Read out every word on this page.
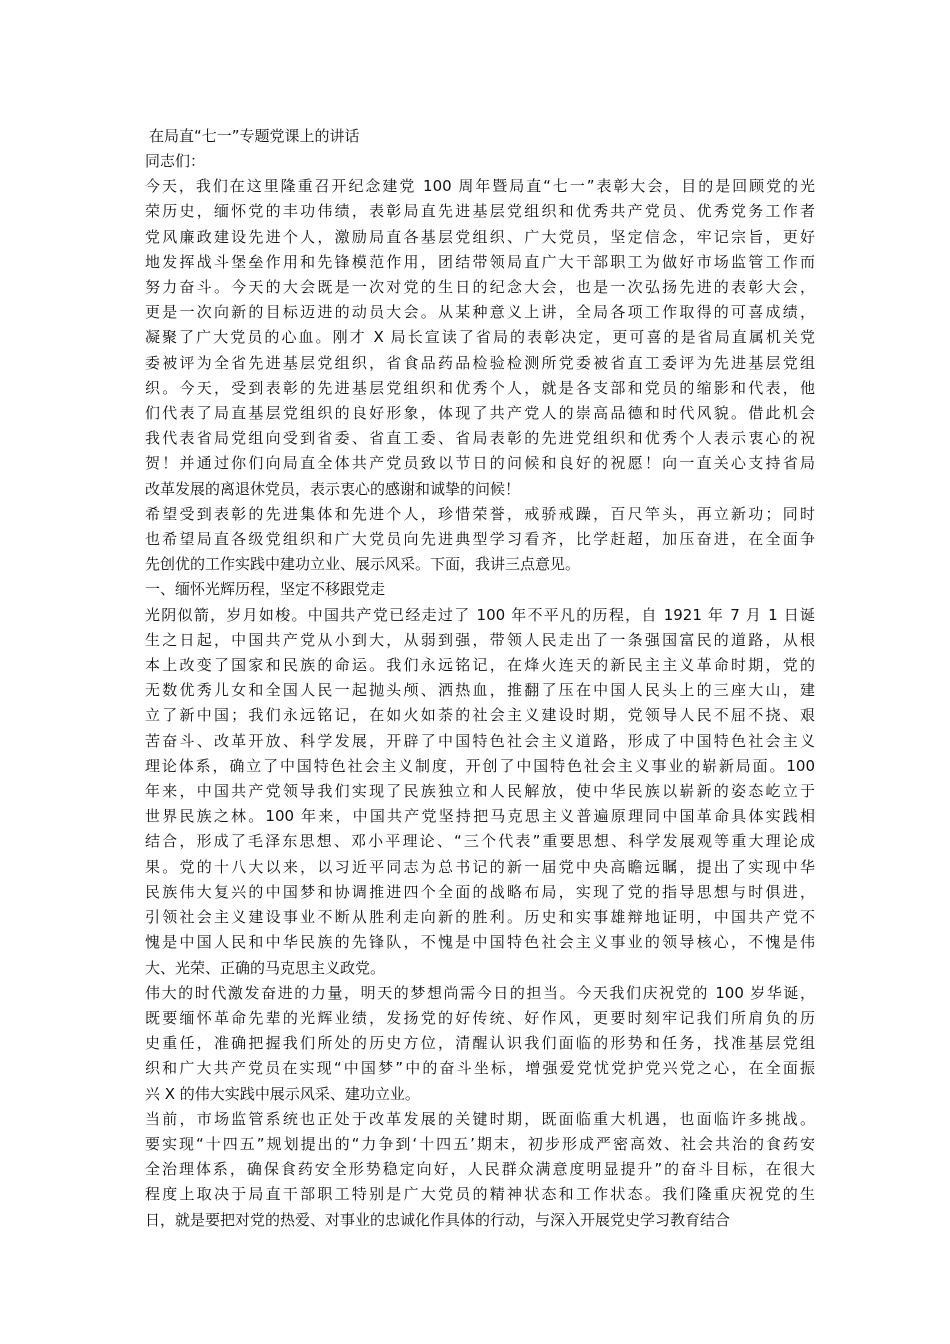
在局直“七一”专题党课上的讲话

同志们：

今天，我们在这里隆重召开纪念建党 100 周年暨局直“七一”表彰大会，目的是回顾党的光

荣历史，缅怀党的丰功伟绩，表彰局直先进基层党组织和优秀共产党员、优秀党务工作者

党风廉政建设先进个人，激励局直各基层党组织、广大党员，坚定信念，牢记宗旨，更好

地发挥战斗堡垒作用和先锋模范作用，团结带领局直广大干部职工为做好市场监管工作而

努力奋斗。今天的大会既是一次对党的生日的纪念大会，也是一次弘扬先进的表彰大会，

更是一次向新的目标迈进的动员大会。从某种意义上讲，全局各项工作取得的可喜成绩，

凝聚了广大党员的心血。刚才 X 局长宣读了省局的表彰决定，更可喜的是省局直属机关党

委被评为全省先进基层党组织，省食品药品检验检测所党委被省直工委评为先进基层党组

织。今天，受到表彰的先进基层党组织和优秀个人，就是各支部和党员的缩影和代表，他

们代表了局直基层党组织的良好形象，体现了共产党人的崇高品德和时代风貌。借此机会

我代表省局党组向受到省委、省直工委、省局表彰的先进党组织和优秀个人表示衷心的祝

贺！并通过你们向局直全体共产党员致以节日的问候和良好的祝愿！向一直关心支持省局

改革发展的离退休党员，表示衷心的感谢和诚挚的问候！

希望受到表彰的先进集体和先进个人，珍惜荣誉，戒骄戒躁，百尺竿头，再立新功；同时

也希望局直各级党组织和广大党员向先进典型学习看齐，比学赶超，加压奋进，在全面争

先创优的工作实践中建功立业、展示风采。下面，我讲三点意见。

一、缅怀光辉历程，坚定不移跟党走

光阴似箭，岁月如梭。中国共产党已经走过了 100 年不平凡的历程，自 1921 年 7 月 1 日诞

生之日起，中国共产党从小到大，从弱到强，带领人民走出了一条强国富民的道路，从根

本上改变了国家和民族的命运。我们永远铭记，在烽火连天的新民主主义革命时期，党的

无数优秀儿女和全国人民一起抛头颅、洒热血，推翻了压在中国人民头上的三座大山，建

立了新中国；我们永远铭记，在如火如荼的社会主义建设时期，党领导人民不屈不挠、艰

苦奋斗、改革开放、科学发展，开辟了中国特色社会主义道路，形成了中国特色社会主义

理论体系，确立了中国特色社会主义制度，开创了中国特色社会主义事业的崭新局面。100

年来，中国共产党领导我们实现了民族独立和人民解放，使中华民族以崭新的姿态屹立于

世界民族之林。100 年来，中国共产党坚持把马克思主义普遍原理同中国革命具体实践相

结合，形成了毛泽东思想、邓小平理论、“三个代表”重要思想、科学发展观等重大理论成

果。党的十八大以来，以习近平同志为总书记的新一届党中央高瞻远瞩，提出了实现中华

民族伟大复兴的中国梦和协调推进四个全面的战略布局，实现了党的指导思想与时俱进，

引领社会主义建设事业不断从胜利走向新的胜利。历史和实事雄辩地证明，中国共产党不

愧是中国人民和中华民族的先锋队，不愧是中国特色社会主义事业的领导核心，不愧是伟

大、光荣、正确的马克思主义政党。

伟大的时代激发奋进的力量，明天的梦想尚需今日的担当。今天我们庆祝党的 100 岁华诞，

既要缅怀革命先辈的光辉业绩，发扬党的好传统、好作风，更要时刻牢记我们所肩负的历

史重任，准确把握我们所处的历史方位，清醒认识我们面临的形势和任务，找准基层党组

织和广大共产党员在实现“中国梦”中的奋斗坐标，增强爱党忧党护党兴党之心，在全面振

兴 X 的伟大实践中展示风采、建功立业。

当前，市场监管系统也正处于改革发展的关键时期，既面临重大机遇，也面临许多挑战。

要实现“十四五”规划提出的“力争到‘十四五’期末，初步形成严密高效、社会共治的食药安

全治理体系，确保食药安全形势稳定向好，人民群众满意度明显提升”的奋斗目标，在很大

程度上取决于局直干部职工特别是广大党员的精神状态和工作状态。我们隆重庆祝党的生

日，就是要把对党的热爱、对事业的忠诚化作具体的行动，与深入开展党史学习教育结合
